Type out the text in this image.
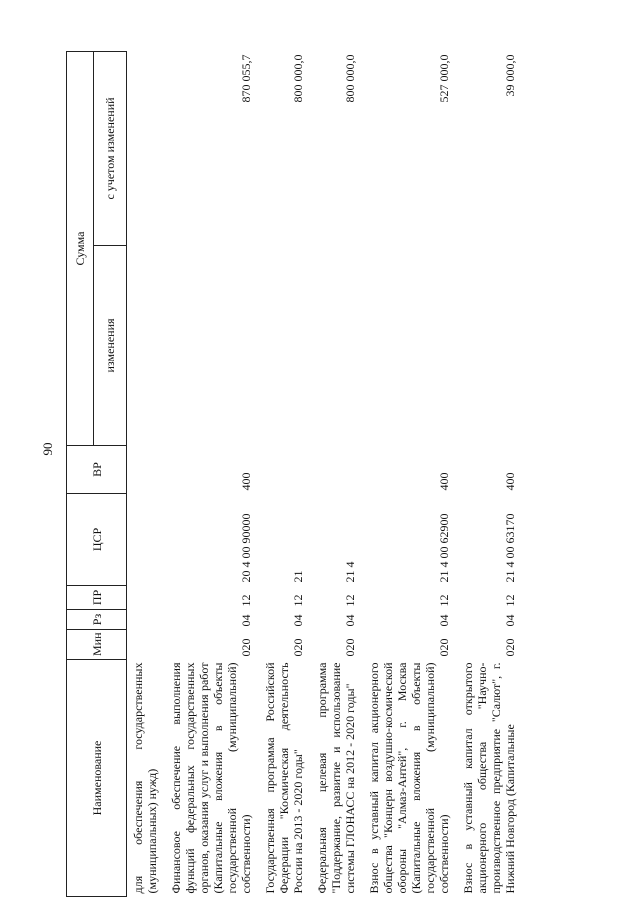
90
Наименование	Мин	Рз	ПР	ЦСР	ВР	Сумма	
						изменения	с учетом изменений
для обеспечения государственных (муниципальных) нужд)							
Финансовое обеспечение выполнения функций федеральных государственных органов, оказания услуг и выполнения работ (Капитальные вложения в объекты государственной (муниципальной) собственности)	020	04	12	20 4 00 90000	400		870 055,7
Государственная программа Российской Федерации "Космическая деятельность России на 2013 - 2020 годы"	020	04	12	21			800 000,0
Федеральная целевая программа "Поддержание, развитие и использование системы ГЛОНАСС на 2012 - 2020 годы"	020	04	12	21 4			800 000,0
Взнос в уставный капитал акционерного общества "Концерн воздушно-космической обороны "Алмаз-Антей", г. Москва (Капитальные вложения в объекты государственной (муниципальной) собственности)	020	04	12	21 4 00 62900	400		527 000,0
Взнос в уставный капитал открытого акционерного общества "Научно-производственное предприятие "Салют", г. Нижний Новгород (Капитальные	020	04	12	21 4 00 63170	400		39 000,0
